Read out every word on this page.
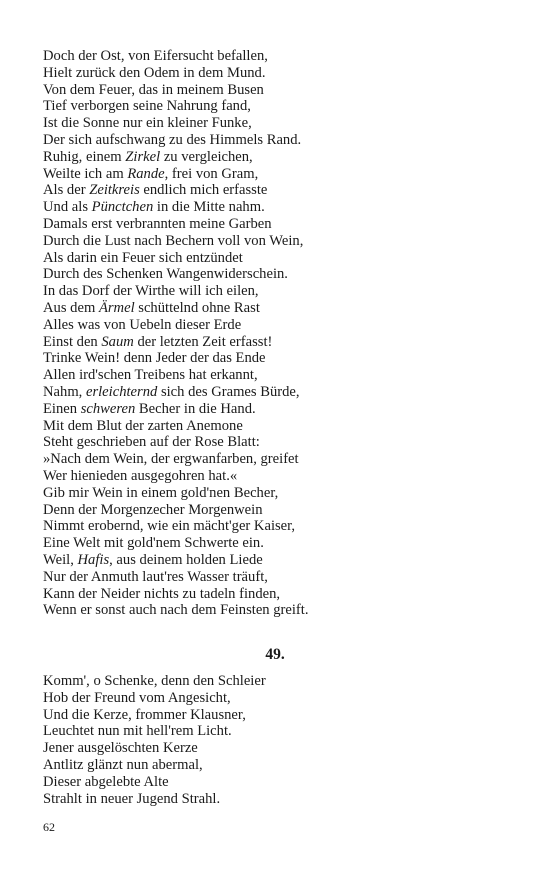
Doch der Ost, von Eifersucht befallen,
Hielt zurück den Odem in dem Mund.
Von dem Feuer, das in meinem Busen
Tief verborgen seine Nahrung fand,
Ist die Sonne nur ein kleiner Funke,
Der sich aufschwang zu des Himmels Rand.
Ruhig, einem Zirkel zu vergleichen,
Weilte ich am Rande, frei von Gram,
Als der Zeitkreis endlich mich erfasste
Und als Pünctchen in die Mitte nahm.
Damals erst verbrannten meine Garben
Durch die Lust nach Bechern voll von Wein,
Als darin ein Feuer sich entzündet
Durch des Schenken Wangenwiderschein.
In das Dorf der Wirthe will ich eilen,
Aus dem Ärmel schüttelnd ohne Rast
Alles was von Uebeln dieser Erde
Einst den Saum der letzten Zeit erfasst!
Trinke Wein! denn Jeder der das Ende
Allen ird'schen Treibens hat erkannt,
Nahm, erleichternd sich des Grames Bürde,
Einen schweren Becher in die Hand.
Mit dem Blut der zarten Anemone
Steht geschrieben auf der Rose Blatt:
»Nach dem Wein, der ergwanfarben, greifet
Wer hienieden ausgegohren hat.«
Gib mir Wein in einem gold'nen Becher,
Denn der Morgenzecher Morgenwein
Nimmt erobernd, wie ein mächt'ger Kaiser,
Eine Welt mit gold'nem Schwerte ein.
Weil, Hafis, aus deinem holden Liede
Nur der Anmuth laut'res Wasser träuft,
Kann der Neider nichts zu tadeln finden,
Wenn er sonst auch nach dem Feinsten greift.
49.
Komm', o Schenke, denn den Schleier
Hob der Freund vom Angesicht,
Und die Kerze, frommer Klausner,
Leuchtet nun mit hell'rem Licht.
Jener ausgelöschten Kerze
Antlitz glänzt nun abermal,
Dieser abgelebte Alte
Strahlt in neuer Jugend Strahl.
62
